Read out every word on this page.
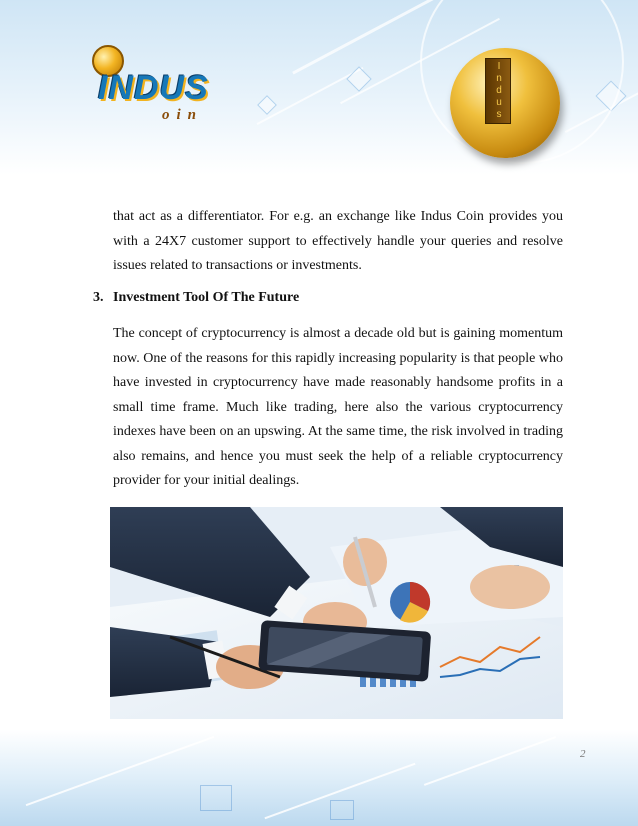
INDUS
oin
I
n
d
u
s

that act as a differentiator. For e.g. an exchange like Indus Coin provides you with a 24X7 customer support to effectively handle your queries and resolve issues related to transactions or investments.

3. Investment Tool Of The Future

The concept of cryptocurrency is almost a decade old but is gaining momentum now. One of the reasons for this rapidly increasing popularity is that people who have invested in cryptocurrency have made reasonably handsome profits in a small time frame. Much like trading, here also the various cryptocurrency indexes have been on an upswing. At the same time, the risk involved in trading also remains, and hence you must seek the help of a reliable cryptocurrency provider for your initial dealings.

2
